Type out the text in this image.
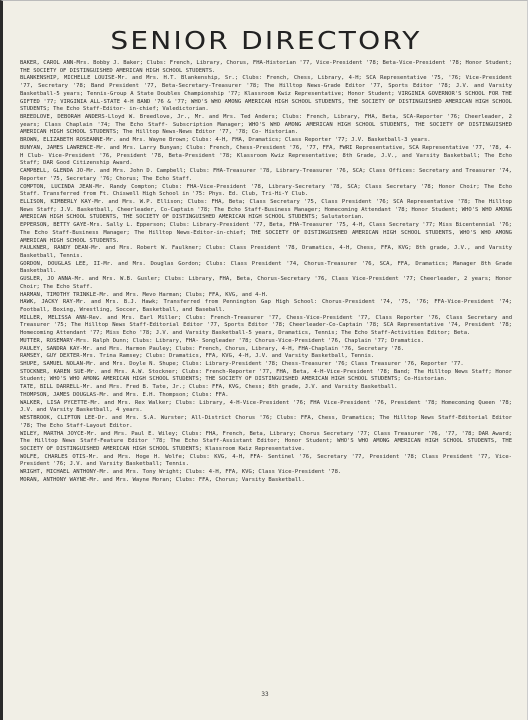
SENIOR DIRECTORY

BAKER, CAROL ANN-Mrs. Bobby J. Baker; Clubs: French, Library, Chorus, FHA-Historian '77, Vice-President '78; Beta-Vice-President '78; Honor Student; THE SOCIETY OF DISTINGUISHED AMERICAN HIGH SCHOOL STUDENTS.

BLANKENSHIP, MICHELLE LOUISE-Mr. and Mrs. H.T. Blankenship, Sr.; Clubs: French, Chess, Library, 4-H; SCA Representative '75, '76; Vice-President '77, Secretary '78; Band President '77, Beta-Secretary-Treasurer '78; The Hilltop News-Grade Editor '77, Sports Editor '78; J.V. and Varsity Basketball-5 years; Tennis-Group A State Doubles Championship '77; Klassroom Kwiz Representative; Honor Student; VIRGINIA GOVERNOR'S SCHOOL FOR THE GIFTED '77; VIRGINIA ALL-STATE 4-H BAND '76 & '77; WHO'S WHO AMONG AMERICAN HIGH SCHOOL STUDENTS, THE SOCIETY OF DISTINGUISHED AMERICAN HIGH SCHOOL STUDENTS; The Echo Staff-Editor- in-chief; Valedictorian.

BREEDLOVE, DEBORAH ANDERS-Lloyd W. Breedlove, Jr., Mr. and Mrs. Ted Anders; Clubs: French, Library, FHA, Beta, SCA-Reporter '76; Cheerleader, 2 years; Class Chaplain '74; The Echo Staff- Subscription Manager; WHO'S WHO AMONG AMERICAN HIGH SCHOOL STUDENTS, THE SOCIETY OF DISTINGUISHED AMERICAN HIGH SCHOOL STUDENTS; The Hilltop News-News Editor '77, '78; Co- Historian.

BROWN, ELIZABETH ROSEANNE-Mr. and Mrs. Wayne Brown; Clubs: 4-H, FHA, Dramatics; Class Reporter '77; J.V. Basketball-3 years.

BUNYAN, JAMES LAWRENCE-Mr. and Mrs. Larry Bunyan; Clubs: French, Chess-President '76, '77, FFA, FWRI Representative, SCA Representative '77, '78, 4-H Club- Vice-President '76, President '78, Beta-President '78; Klassroom Kwiz Representative; 8th Grade, J.V., and Varsity Basketball; The Echo Staff; DAR Good Citizenship Award.

CAMPBELL, GLENDA JO-Mr. and Mrs. John D. Campbell; Clubs: FHA-Treasurer '78, Library-Treasurer '76, SCA; Class Offices: Secretary and Treasurer '74, Reporter '75, Secretary '76; Chorus; The Echo Staff.

COMPTON, LUCINDA JEAN-Mr. Randy Compton; Clubs: FHA-Vice-President '78, Library-Secretary '78, SCA; Class Secretary '78; Honor Choir; The Echo Staff. Transferred from Ft. Chiswell High School in '75: Phys. Ed. Club, Tri-Hi-Y Club.

ELLISON, KIMBERLY KAY-Mr. and Mrs. W.P. Ellison; Clubs: FHA, Beta; Class Secretary '75, Class President '76; SCA Representative '78; The Hilltop News Staff; J.V. Basketball, Cheerleader, Co-Captain '78; The Echo Staff-Business Manager; Homecoming Attendant '78; Honor Student; WHO'S WHO AMONG AMERICAN HIGH SCHOOL STUDENTS, THE SOCIETY OF DISTINGUISHED AMERICAN HIGH SCHOOL STUDENTS; Salutatorian.

EPPERSON, BETTY GAYE-Mrs. Sally L. Epperson; Clubs: Library-President '77, Beta, FHA-Treasurer '75, 4-H, Class Secretary '77; Miss Bicentennial '76; The Echo Staff-Business Manager; The Hilltop News-Editor-in-chief; THE SOCIETY OF DISTINGUISHED AMERICAN HIGH SCHOOL STUDENTS, WHO'S WHO AMONG AMERICAN HIGH SCHOOL STUDENTS.

FAULKNER, RANDY DEAN-Mr. and Mrs. Robert W. Faulkner; Clubs: Class President '78, Dramatics, 4-H, Chess, FFA, KVG; 8th grade, J.V., and Varsity Basketball, Tennis.

GORDON, DOUGLAS LEE, II-Mr. and Mrs. Douglas Gordon; Clubs: Class President '74, Chorus-Treasurer '76, SCA, FFA, Dramatics; Manager 8th Grade Basketball.

GUSLER, JO ANNA-Mr. and Mrs. W.B. Gusler; Clubs: Library, FHA, Beta, Chorus-Secretary '76, Class Vice-President '77; Cheerleader, 2 years; Honor Choir; The Echo Staff.

HARMAN, TIMOTHY TRINKLE-Mr. and Mrs. Mevo Harman; Clubs; FFA, KVG, and 4-H.

HAWK, JACKY RAY-Mr. and Mrs. B.J. Hawk; Transferred from Pennington Gap High School: Chorus-President '74, '75, '76; FFA-Vice-President '74; Football, Boxing, Wrestling, Soccer, Basketball, and Baseball.

MILLER, MELISSA ANN-Rev. and Mrs. Earl Miller; Clubs: French-Treasurer '77, Chess-Vice-President '77, Class Reporter '76, Class Secretary and Treasurer '75; The Hilltop News Staff-Editorial Editor '77, Sports Editor '78; Cheerleader-Co-Captain '78; SCA Representative '74, President '78; Homecoming Attendant '77; Miss Echo '78; J.V. and Varsity Basketball-5 years, Dramatics, Tennis; The Echo Staff-Activities Editor; Beta.

MUTTER, ROSEMARY-Mrs. Ralph Dunn; Clubs: Library, FHA- Songleader '78; Chorus-Vice-President '76, Chaplain '77; Dramatics.

PAULEY, SANDRA KAY-Mr. and Mrs. Harmon Pauley; Clubs: French, Chorus, Library, 4-H, FHA-Chaplain '76, Secretary '78.

RAMSEY, GUY DEXTER-Mrs. Trina Ramsey; Clubs: Dramatics, FFA, KVG, 4-H, J.V. and Varsity Basketball, Tennis.

SHUPE, SAMUEL NOLAN-Mr. and Mrs. Doyle N. Shupe; Clubs: Library-President '78; Chess-Treasurer '76; Class Treasurer '76, Reporter '77.

STOCKNER, KAREN SUE-Mr. and Mrs. A.W. Stockner; Clubs: French-Reporter '77, FHA, Beta, 4-H-Vice-President '78; Band; The Hilltop News Staff; Honor Student; WHO'S WHO AMONG AMERICAN HIGH SCHOOL STUDENTS; THE SOCIETY OF DISTINGUISHED AMERICAN HIGH SCHOOL STUDENTS; Co-Historian.

TATE, BILL DARRELL-Mr. and Mrs. Fred B. Tate, Jr.; Clubs: FFA, KVG, Chess; 8th grade, J.V. and Varsity Basketball.

THOMPSON, JAMES DOUGLAS-Mr. and Mrs. E.H. Thompson; Clubs: FFA.

WALKER, LISA PYCETTE-Mr. and Mrs. Rex Walker; Clubs: Library, 4-H-Vice-President '76; FHA Vice-President '76, President '78; Homecoming Queen '78; J.V. and Varsity Basketball, 4 years.

WESTBROOK, CLIFTON LEE-Dr. and Mrs. S.A. Wurster; All-District Chorus '76; Clubs: FFA, Chess, Dramatics; The Hilltop News Staff-Editorial Editor '78; The Echo Staff-Layout Editor.

WILEY, MARTHA JOYCE-Mr. and Mrs. Paul E. Wiley; Clubs: FHA, French, Beta, Library; Chorus Secretary '77; Class Treasurer '76, '77, '78; DAR Award; The Hilltop News Staff-Feature Editor '78; The Echo Staff-Assistant Editor; Honor Student; WHO'S WHO AMONG AMERICAN HIGH SCHOOL STUDENTS, THE SOCIETY OF DISTINGUISHED AMERICAN HIGH SCHOOL STUDENTS; Klassroom Kwiz Representative.

WOLFE, CHARLES OTIS-Mr. and Mrs. Hoge H. Wolfe; Clubs: KVG, 4-H, FFA- Sentinel '76, Secretary '77, President '78; Class President '77, Vice-President '76; J.V. and Varsity Basketball; Tennis.

WRIGHT, MICHAEL ANTHONY-Mr. and Mrs. Tony Wright; Clubs: 4-H, FFA, KVG; Class Vice-President '78.

MORAN, ANTHONY WAYNE-Mr. and Mrs. Wayne Moran; Clubs: FFA, Chorus; Varsity Basketball.

33
